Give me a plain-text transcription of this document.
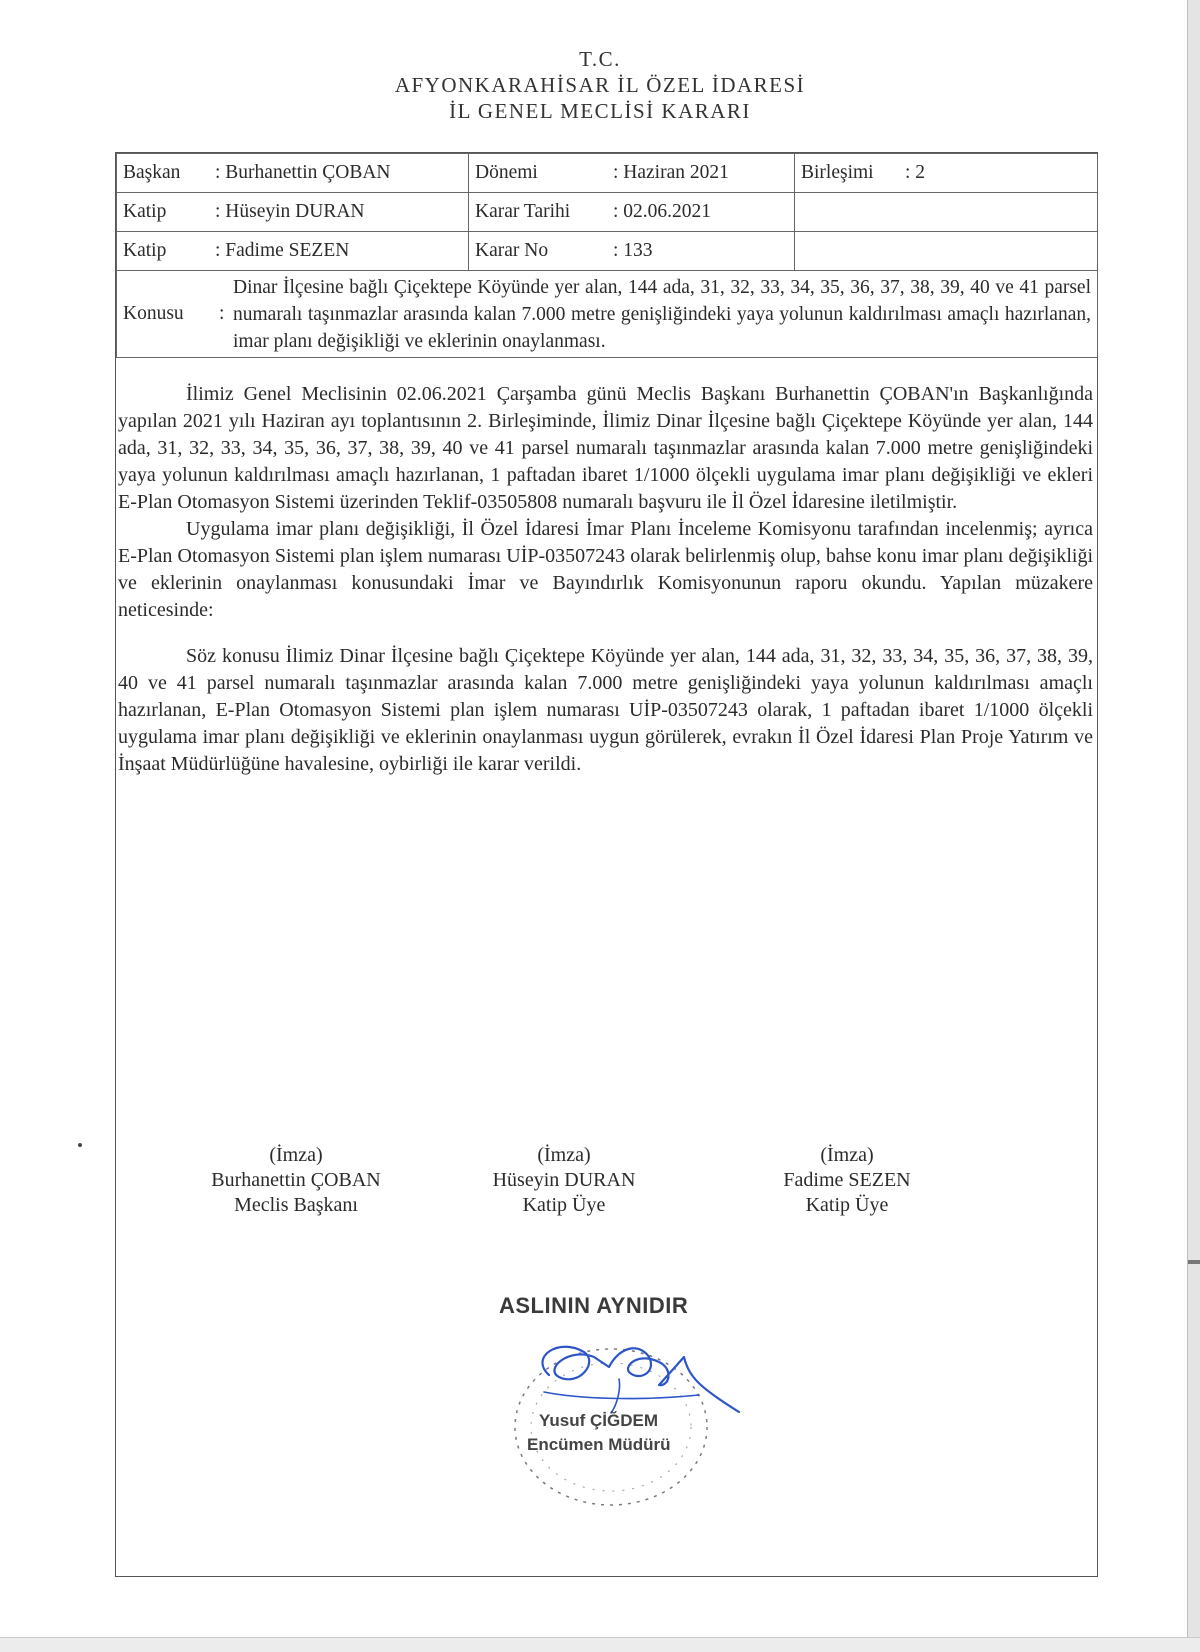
T.C.
AFYONKARAHİSAR İL ÖZEL İDARESİ
İL GENEL MECLİSİ KARARI
Başkan : Burhanettin ÇOBAN	Dönemi : Haziran 2021	Birleşimi : 2
Katip : Hüseyin DURAN	Karar Tarihi : 02.06.2021	
Katip : Fadime SEZEN	Karar No : 133	

Konusu :
Dinar İlçesine bağlı Çiçektepe Köyünde yer alan, 144 ada, 31, 32, 33, 34, 35, 36, 37, 38, 39, 40 ve 41 parsel numaralı taşınmazlar arasında kalan 7.000 metre genişliğindeki yaya yolunun kaldırılması amaçlı hazırlanan, imar planı değişikliği ve eklerinin onaylanması.		

İlimiz Genel Meclisinin 02.06.2021 Çarşamba günü Meclis Başkanı Burhanettin ÇOBAN'ın Başkanlığında yapılan 2021 yılı Haziran ayı toplantısının 2. Birleşiminde, İlimiz Dinar İlçesine bağlı Çiçektepe Köyünde yer alan, 144 ada, 31, 32, 33, 34, 35, 36, 37, 38, 39, 40 ve 41 parsel numaralı taşınmazlar arasında kalan 7.000 metre genişliğindeki yaya yolunun kaldırılması amaçlı hazırlanan, 1 paftadan ibaret 1/1000 ölçekli uygulama imar planı değişikliği ve ekleri E-Plan Otomasyon Sistemi üzerinden Teklif-03505808 numaralı başvuru ile İl Özel İdaresine iletilmiştir.

Uygulama imar planı değişikliği, İl Özel İdaresi İmar Planı İnceleme Komisyonu tarafından incelenmiş; ayrıca E-Plan Otomasyon Sistemi plan işlem numarası UİP-03507243 olarak belirlenmiş olup, bahse konu imar planı değişikliği ve eklerinin onaylanması konusundaki İmar ve Bayındırlık Komisyonunun raporu okundu. Yapılan müzakere neticesinde:

Söz konusu İlimiz Dinar İlçesine bağlı Çiçektepe Köyünde yer alan, 144 ada, 31, 32, 33, 34, 35, 36, 37, 38, 39, 40 ve 41 parsel numaralı taşınmazlar arasında kalan 7.000 metre genişliğindeki yaya yolunun kaldırılması amaçlı hazırlanan, E-Plan Otomasyon Sistemi plan işlem numarası UİP-03507243 olarak, 1 paftadan ibaret 1/1000 ölçekli uygulama imar planı değişikliği ve eklerinin onaylanması uygun görülerek, evrakın İl Özel İdaresi Plan Proje Yatırım ve İnşaat Müdürlüğüne havalesine, oybirliği ile karar verildi.

(İmza)
Burhanettin ÇOBAN
Meclis Başkanı
(İmza)
Hüseyin DURAN
Katip Üye
(İmza)
Fadime SEZEN
Katip Üye
ASLININ AYNIDIR
Yusuf ÇİĞDEM
Encümen Müdürü
